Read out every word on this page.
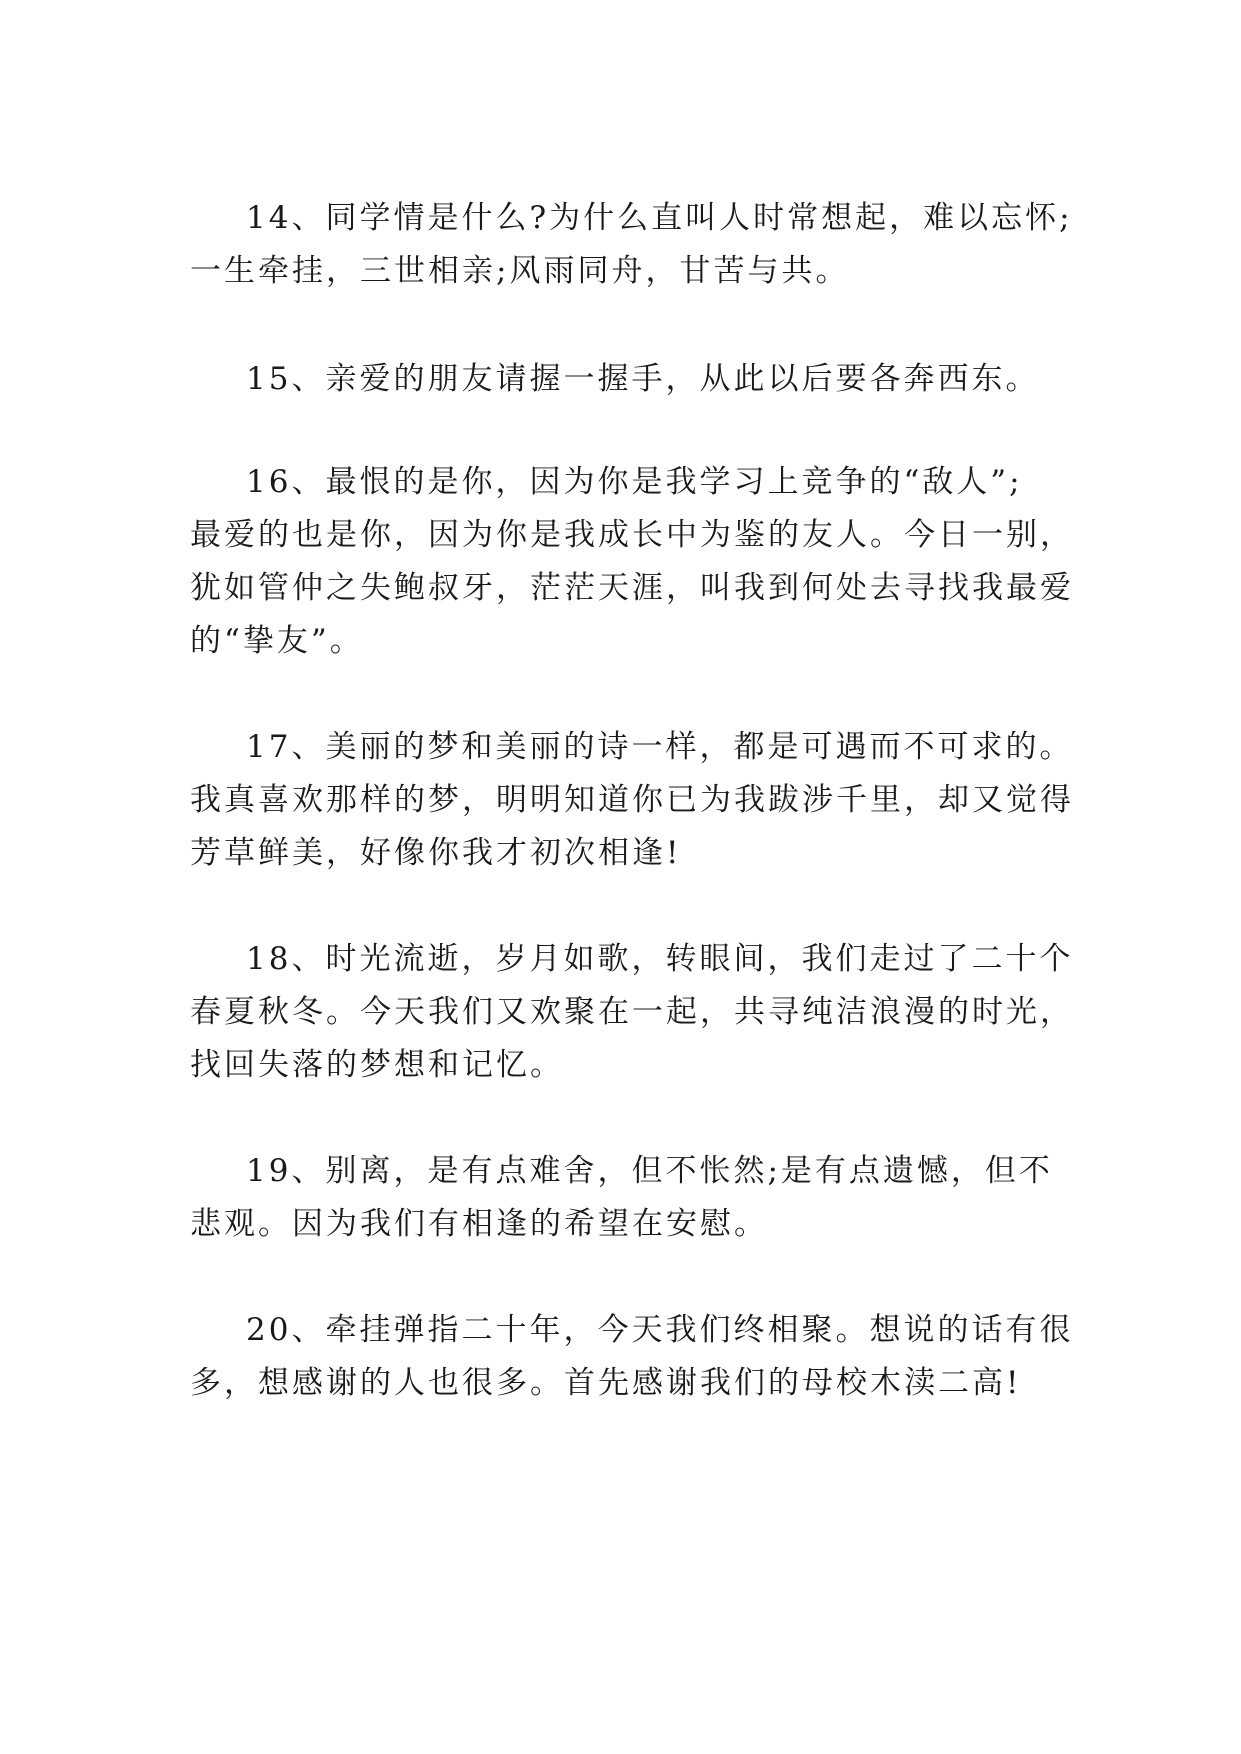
14、同学情是什么?为什么直叫人时常想起，难以忘怀;
一生牵挂，三世相亲;风雨同舟，甘苦与共。
15、亲爱的朋友请握一握手，从此以后要各奔西东。
16、最恨的是你，因为你是我学习上竞争的“敌人”;
最爱的也是你，因为你是我成长中为鉴的友人。今日一别，
犹如管仲之失鲍叔牙，茫茫天涯，叫我到何处去寻找我最爱
的“挚友”。
17、美丽的梦和美丽的诗一样，都是可遇而不可求的。
我真喜欢那样的梦，明明知道你已为我跋涉千里，却又觉得
芳草鲜美，好像你我才初次相逢!
18、时光流逝，岁月如歌，转眼间，我们走过了二十个
春夏秋冬。今天我们又欢聚在一起，共寻纯洁浪漫的时光，
找回失落的梦想和记忆。
19、别离，是有点难舍，但不怅然;是有点遗憾，但不
悲观。因为我们有相逢的希望在安慰。
20、牵挂弹指二十年，今天我们终相聚。想说的话有很
多，想感谢的人也很多。首先感谢我们的母校木渎二高!
